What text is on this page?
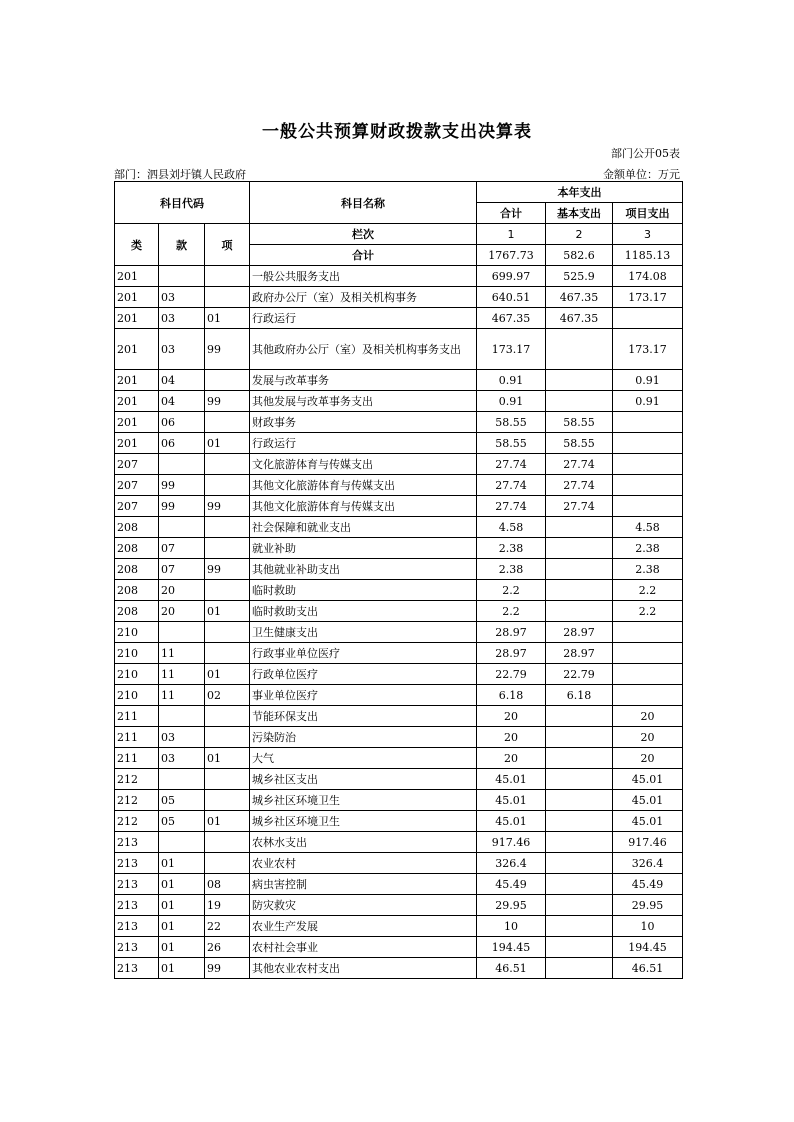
一般公共预算财政拨款支出决算表
部门公开05表
部门：泗县刘圩镇人民政府	金额单位：万元
科目代码			科目名称	本年支出		
				合计	基本支出	项目支出
类	款	项	栏次	1	2	3
			合计	1767.73	582.6	1185.13
201			一般公共服务支出	699.97	525.9	174.08
201	03		政府办公厅（室）及相关机构事务	640.51	467.35	173.17
201	03	01	行政运行	467.35	467.35	
201	03	99	其他政府办公厅（室）及相关机构事务支出	173.17		173.17
201	04		发展与改革事务	0.91		0.91
201	04	99	其他发展与改革事务支出	0.91		0.91
201	06		财政事务	58.55	58.55	
201	06	01	行政运行	58.55	58.55	
207			文化旅游体育与传媒支出	27.74	27.74	
207	99		其他文化旅游体育与传媒支出	27.74	27.74	
207	99	99	其他文化旅游体育与传媒支出	27.74	27.74	
208			社会保障和就业支出	4.58		4.58
208	07		就业补助	2.38		2.38
208	07	99	其他就业补助支出	2.38		2.38
208	20		临时救助	2.2		2.2
208	20	01	临时救助支出	2.2		2.2
210			卫生健康支出	28.97	28.97	
210	11		行政事业单位医疗	28.97	28.97	
210	11	01	行政单位医疗	22.79	22.79	
210	11	02	事业单位医疗	6.18	6.18	
211			节能环保支出	20		20
211	03		污染防治	20		20
211	03	01	大气	20		20
212			城乡社区支出	45.01		45.01
212	05		城乡社区环境卫生	45.01		45.01
212	05	01	城乡社区环境卫生	45.01		45.01
213			农林水支出	917.46		917.46
213	01		农业农村	326.4		326.4
213	01	08	病虫害控制	45.49		45.49
213	01	19	防灾救灾	29.95		29.95
213	01	22	农业生产发展	10		10
213	01	26	农村社会事业	194.45		194.45
213	01	99	其他农业农村支出	46.51		46.51
